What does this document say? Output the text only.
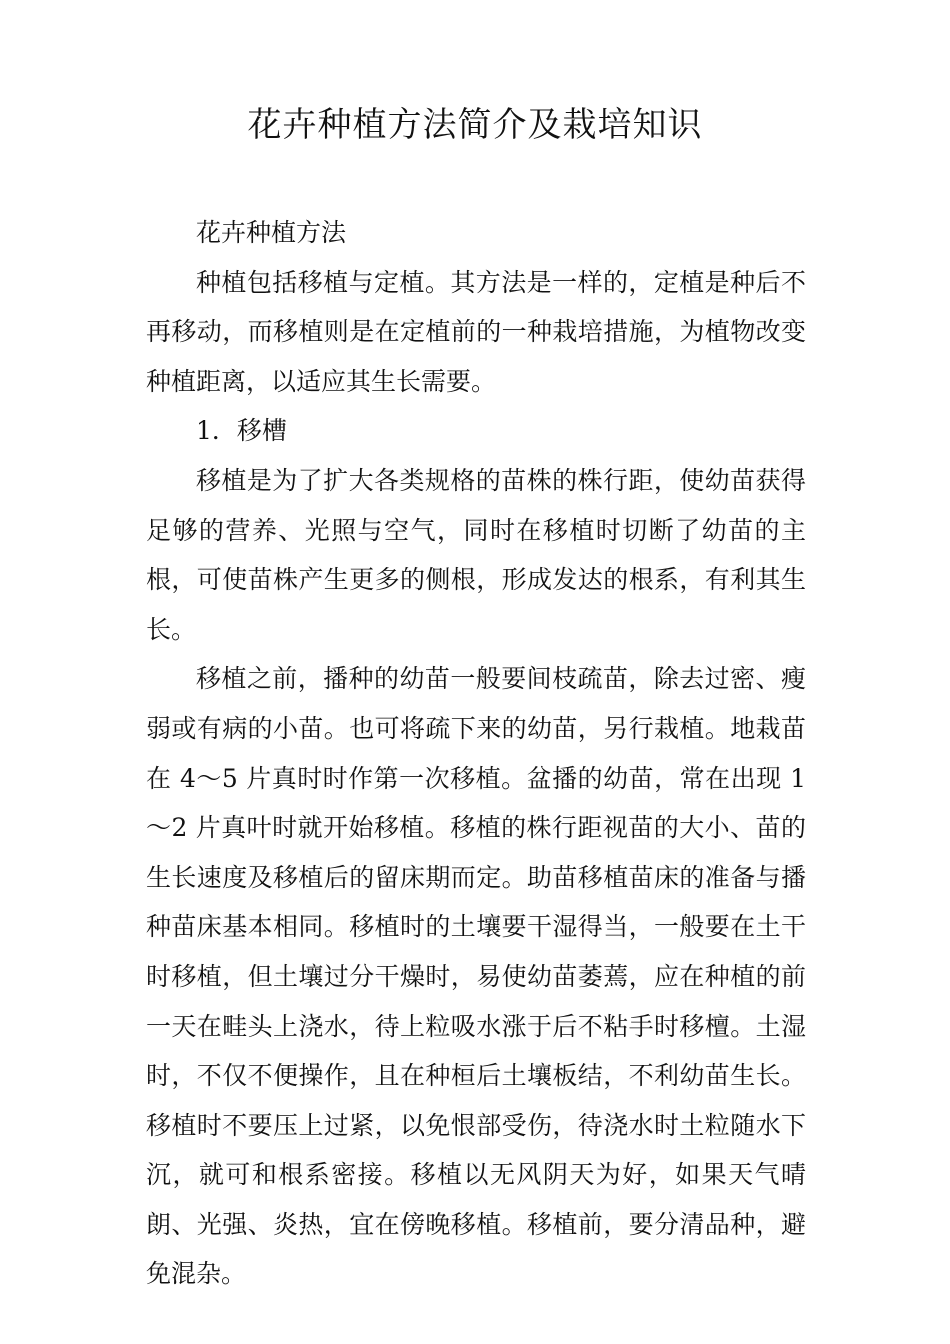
花卉种植方法简介及栽培知识

花卉种植方法

种植包括移植与定植。其方法是一样的，定植是种后不再移动，而移植则是在定植前的一种栽培措施，为植物改变种植距离，以适应其生长需要。

1．移槽

移植是为了扩大各类规格的苗株的株行距，使幼苗获得足够的营养、光照与空气，同时在移植时切断了幼苗的主根，可使苗株产生更多的侧根，形成发达的根系，有利其生长。

移植之前，播种的幼苗一般要间枝疏苗，除去过密、瘦弱或有病的小苗。也可将疏下来的幼苗，另行栽植。地栽苗在 4～5 片真时时作第一次移植。盆播的幼苗，常在出现 1～2 片真叶时就开始移植。移植的株行距视苗的大小、苗的生长速度及移植后的留床期而定。助苗移植苗床的准备与播种苗床基本相同。移植时的土壤要干湿得当，一般要在土干时移植，但土壤过分干燥时，易使幼苗萎蔫，应在种植的前一天在畦头上浇水，待上粒吸水涨于后不粘手时移檀。土湿时，不仅不便操作，且在种桓后土壤板结，不利幼苗生长。移植时不要压上过紧，以免恨部受伤，待浇水时土粒随水下沉，就可和根系密接。移植以无风阴天为好，如果天气晴朗、光强、炎热，宜在傍晚移植。移植前，要分清品种，避免混杂。
